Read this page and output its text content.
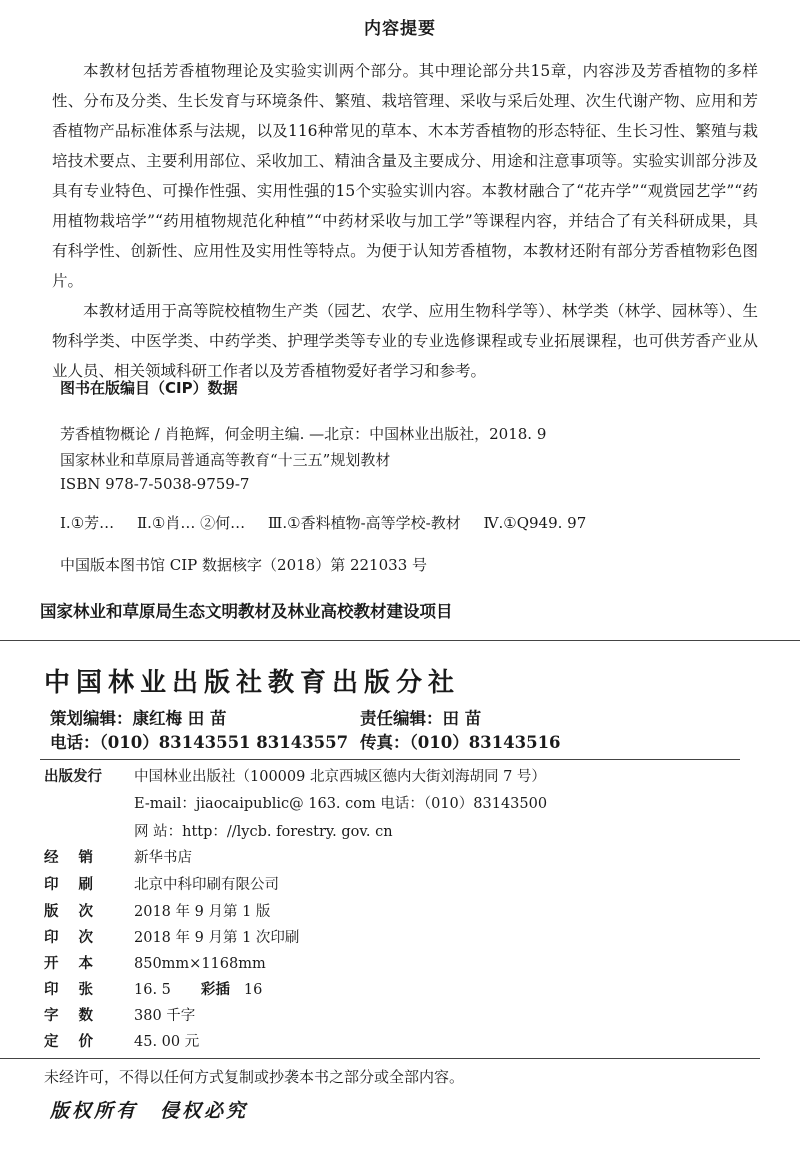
内容提要

本教材包括芳香植物理论及实验实训两个部分。其中理论部分共15章，内容涉及芳香植物的多样性、分布及分类、生长发育与环境条件、繁殖、栽培管理、采收与采后处理、次生代谢产物、应用和芳香植物产品标准体系与法规，以及116种常见的草本、木本芳香植物的形态特征、生长习性、繁殖与栽培技术要点、主要利用部位、采收加工、精油含量及主要成分、用途和注意事项等。实验实训部分涉及具有专业特色、可操作性强、实用性强的15个实验实训内容。本教材融合了“花卉学”“观赏园艺学”“药用植物栽培学”“药用植物规范化种植”“中药材采收与加工学”等课程内容，并结合了有关科研成果，具有科学性、创新性、应用性及实用性等特点。为便于认知芳香植物，本教材还附有部分芳香植物彩色图片。

本教材适用于高等院校植物生产类（园艺、农学、应用生物科学等）、林学类（林学、园林等）、生物科学类、中医学类、中药学类、护理学类等专业的专业选修课程或专业拓展课程，也可供芳香产业从业人员、相关领域科研工作者以及芳香植物爱好者学习和参考。

图书在版编目（CIP）数据
芳香植物概论 / 肖艳辉，何金明主编. —北京：中国林业出版社，2018. 9
国家林业和草原局普通高等教育“十三五”规划教材
ISBN 978-7-5038-9759-7
Ⅰ.①芳… Ⅱ.①肖… ②何… Ⅲ.①香料植物-高等学校-教材 Ⅳ.①Q949. 97
中国版本图书馆 CIP 数据核字（2018）第 221033 号
国家林业和草原局生态文明教材及林业高校教材建设项目
中国林业出版社教育出版分社
策划编辑：康红梅 田 苗	责任编辑：田 苗
电话：（010）83143551 83143557 传真：（010）83143516
出版发行 中国林业出版社（100009 北京西城区德内大街刘海胡同 7 号）
E-mail：jiaocaipublic@ 163. com 电话：（010）83143500
网 站：http：//lycb. forestry. gov. cn
经销 新华书店
印刷 北京中科印刷有限公司
版次 2018 年 9 月第 1 版
印次 2018 年 9 月第 1 次印刷
开本 850mm×1168mm
印张 16. 5 彩插 16
字数 380 千字
定价 45. 00 元
未经许可，不得以任何方式复制或抄袭本书之部分或全部内容。
版权所有 侵权必究
